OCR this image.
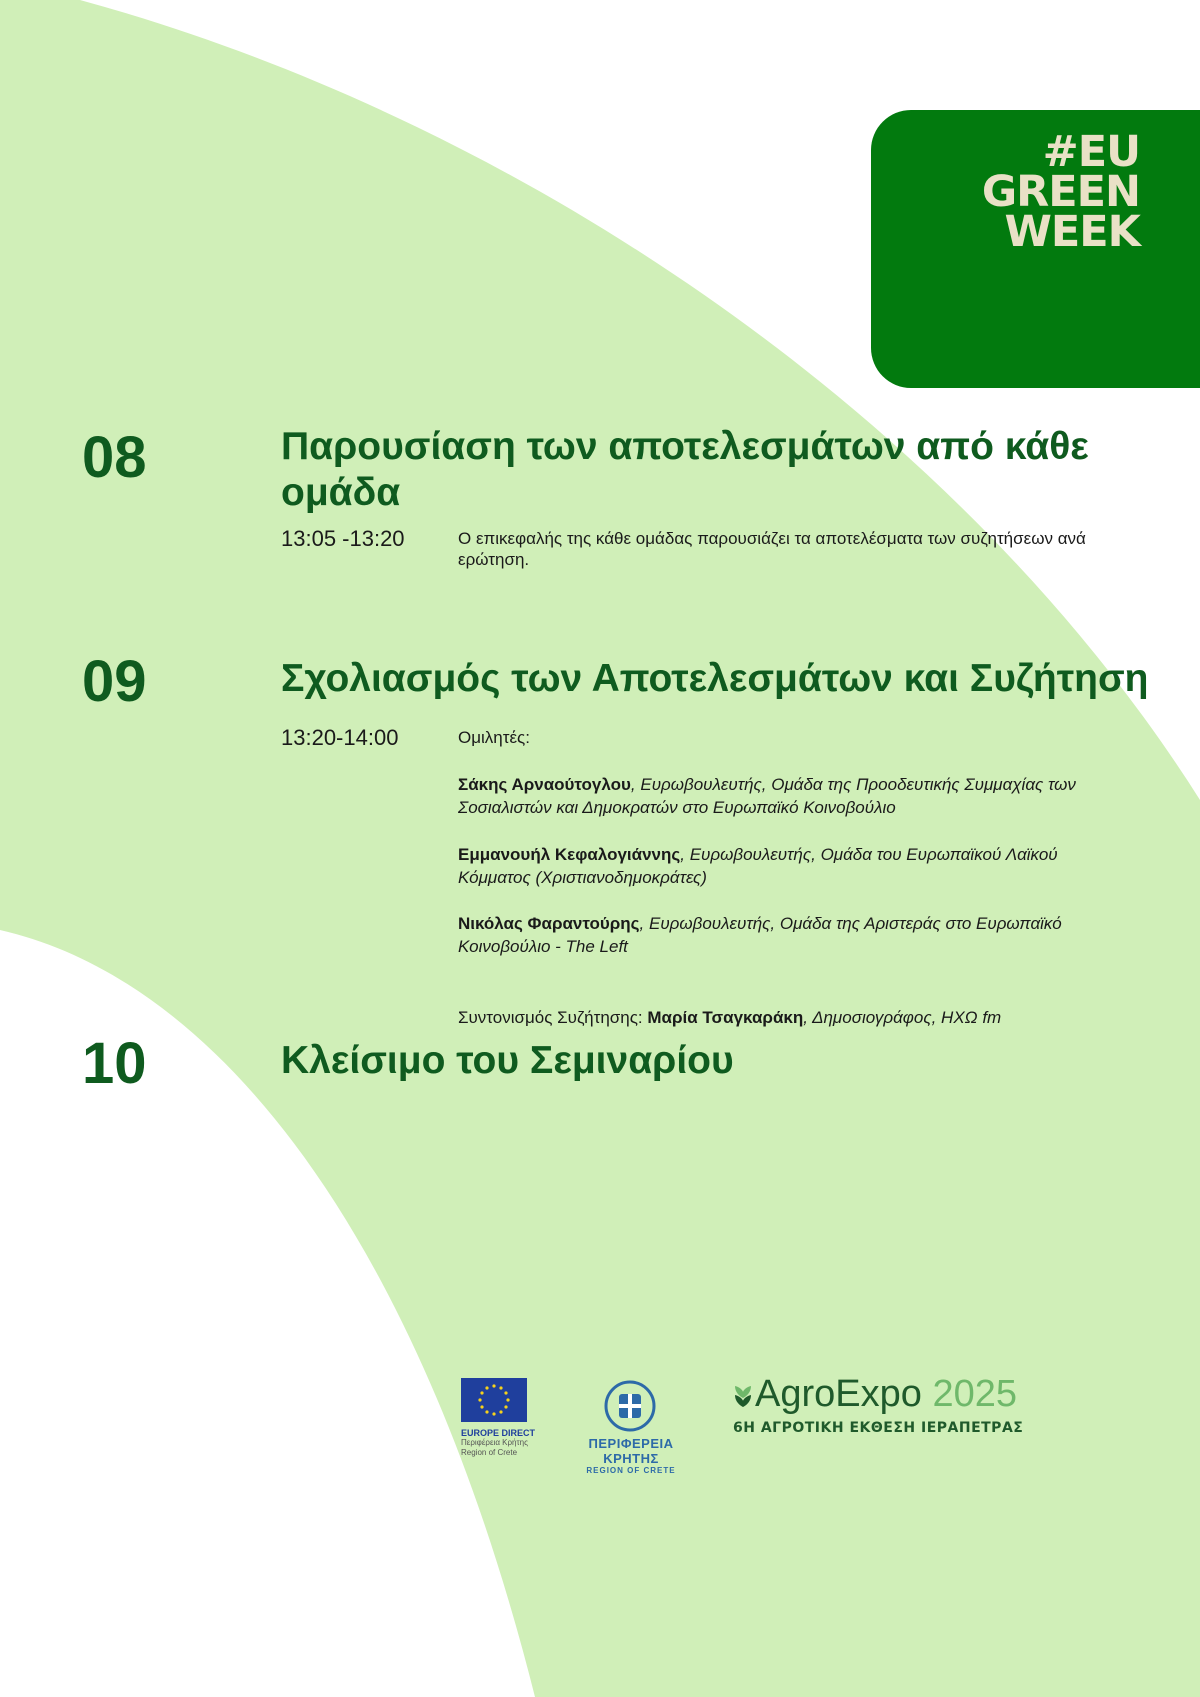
#EU
GREEN
WEEK
08	Παρουσίαση των αποτελεσμάτων από κάθε ομάδα
13:05 -13:20	Ο επικεφαλής της κάθε ομάδας παρουσιάζει τα αποτελέσματα των συζητήσεων ανά ερώτηση.
09	Σχολιασμός των Αποτελεσμάτων και Συζήτηση
13:20-14:00	Ομιλητές:
Σάκης Αρναούτογλου, Ευρωβουλευτής, Ομάδα της Προοδευτικής Συμμαχίας των Σοσιαλιστών και Δημοκρατών στο Ευρωπαϊκό Κοινοβούλιο
Εμμανουήλ Κεφαλογιάννης, Ευρωβουλευτής, Ομάδα του Ευρωπαϊκού Λαϊκού Κόμματος (Χριστιανοδημοκράτες)
Νικόλας Φαραντούρης, Ευρωβουλευτής, Ομάδα της Αριστεράς στο Ευρωπαϊκό Κοινοβούλιο - The Left
Συντονισμός Συζήτησης: Μαρία Τσαγκαράκη, Δημοσιογράφος, ΗΧΩ fm
10	Κλείσιμο του Σεμιναρίου
EUROPE DIRECT
Περιφέρεια Κρήτης
Region of Crete
ΠΕΡΙΦΕΡΕΙΑ ΚΡΗΤΗΣ
REGION OF CRETE
AgroExpo 2025
6Η ΑΓΡΟΤΙΚΗ ΕΚΘΕΣΗ ΙΕΡΑΠΕΤΡΑΣ
